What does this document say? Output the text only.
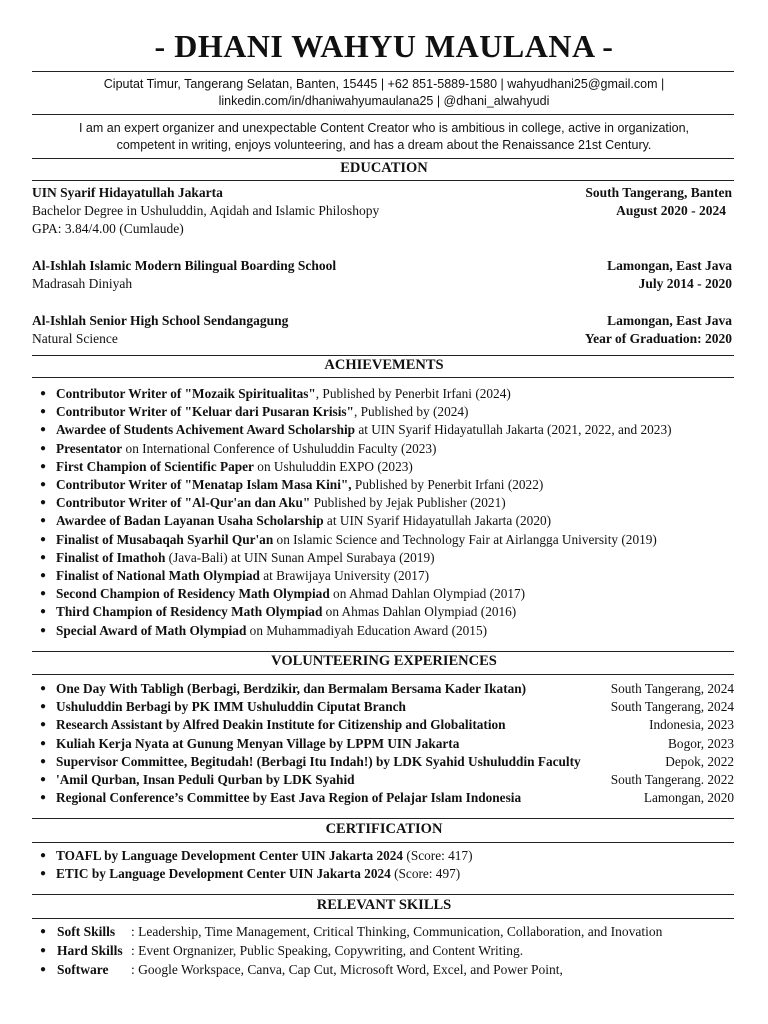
- DHANI WAHYU MAULANA -
Ciputat Timur, Tangerang Selatan, Banten, 15445 | +62 851-5889-1580 | wahyudhani25@gmail.com |
linkedin.com/in/dhaniwahyumaulana25 | @dhani_alwahyudi
I am an expert organizer and unexpectable Content Creator who is ambitious in college, active in organization,
competent in writing, enjoys volunteering, and has a dream about the Renaissance 21st Century.
EDUCATION
UIN Syarif Hidayatullah Jakarta	South Tangerang, Banten
Bachelor Degree in Ushuluddin, Aqidah and Islamic Philoshopy	August 2020 - 2024
GPA: 3.84/4.00 (Cumlaude)
Al-Ishlah Islamic Modern Bilingual Boarding School	Lamongan, East Java
Madrasah Diniyah	July 2014 - 2020
Al-Ishlah Senior High School Sendangagung	Lamongan, East Java
Natural Science	Year of Graduation: 2020
ACHIEVEMENTS
● Contributor Writer of "Mozaik Spiritualitas", Published by Penerbit Irfani (2024)
● Contributor Writer of "Keluar dari Pusaran Krisis", Published by (2024)
● Awardee of Students Achivement Award Scholarship at UIN Syarif Hidayatullah Jakarta (2021, 2022, and 2023)
● Presentator on International Conference of Ushuluddin Faculty (2023)
● First Champion of Scientific Paper on Ushuluddin EXPO (2023)
● Contributor Writer of "Menatap Islam Masa Kini", Published by Penerbit Irfani (2022)
● Contributor Writer of "Al-Qur'an dan Aku" Published by Jejak Publisher (2021)
● Awardee of Badan Layanan Usaha Scholarship at UIN Syarif Hidayatullah Jakarta (2020)
● Finalist of Musabaqah Syarhil Qur'an on Islamic Science and Technology Fair at Airlangga University (2019)
● Finalist of Imathoh (Java-Bali) at UIN Sunan Ampel Surabaya (2019)
● Finalist of National Math Olympiad at Brawijaya University (2017)
● Second Champion of Residency Math Olympiad on Ahmad Dahlan Olympiad (2017)
● Third Champion of Residency Math Olympiad on Ahmas Dahlan Olympiad (2016)
● Special Award of Math Olympiad on Muhammadiyah Education Award (2015)
VOLUNTEERING EXPERIENCES
● One Day With Tabligh (Berbagi, Berdzikir, dan Bermalam Bersama Kader Ikatan)	South Tangerang, 2024
● Ushuluddin Berbagi by PK IMM Ushuluddin Ciputat Branch	South Tangerang, 2024
● Research Assistant by Alfred Deakin Institute for Citizenship and Globalitation	Indonesia, 2023
● Kuliah Kerja Nyata at Gunung Menyan Village by LPPM UIN Jakarta	Bogor, 2023
● Supervisor Committee, Begitudah! (Berbagi Itu Indah!) by LDK Syahid Ushuluddin Faculty	Depok, 2022
● 'Amil Qurban, Insan Peduli Qurban by LDK Syahid	South Tangerang. 2022
● Regional Conference’s Committee by East Java Region of Pelajar Islam Indonesia	Lamongan, 2020
CERTIFICATION
● TOAFL by Language Development Center UIN Jakarta 2024 (Score: 417)
● ETIC by Language Development Center UIN Jakarta 2024 (Score: 497)
RELEVANT SKILLS
● Soft Skills : Leadership, Time Management, Critical Thinking, Communication, Collaboration, and Inovation
● Hard Skills : Event Orgnanizer, Public Speaking, Copywriting, and Content Writing.
● Software : Google Workspace, Canva, Cap Cut, Microsoft Word, Excel, and Power Point,
